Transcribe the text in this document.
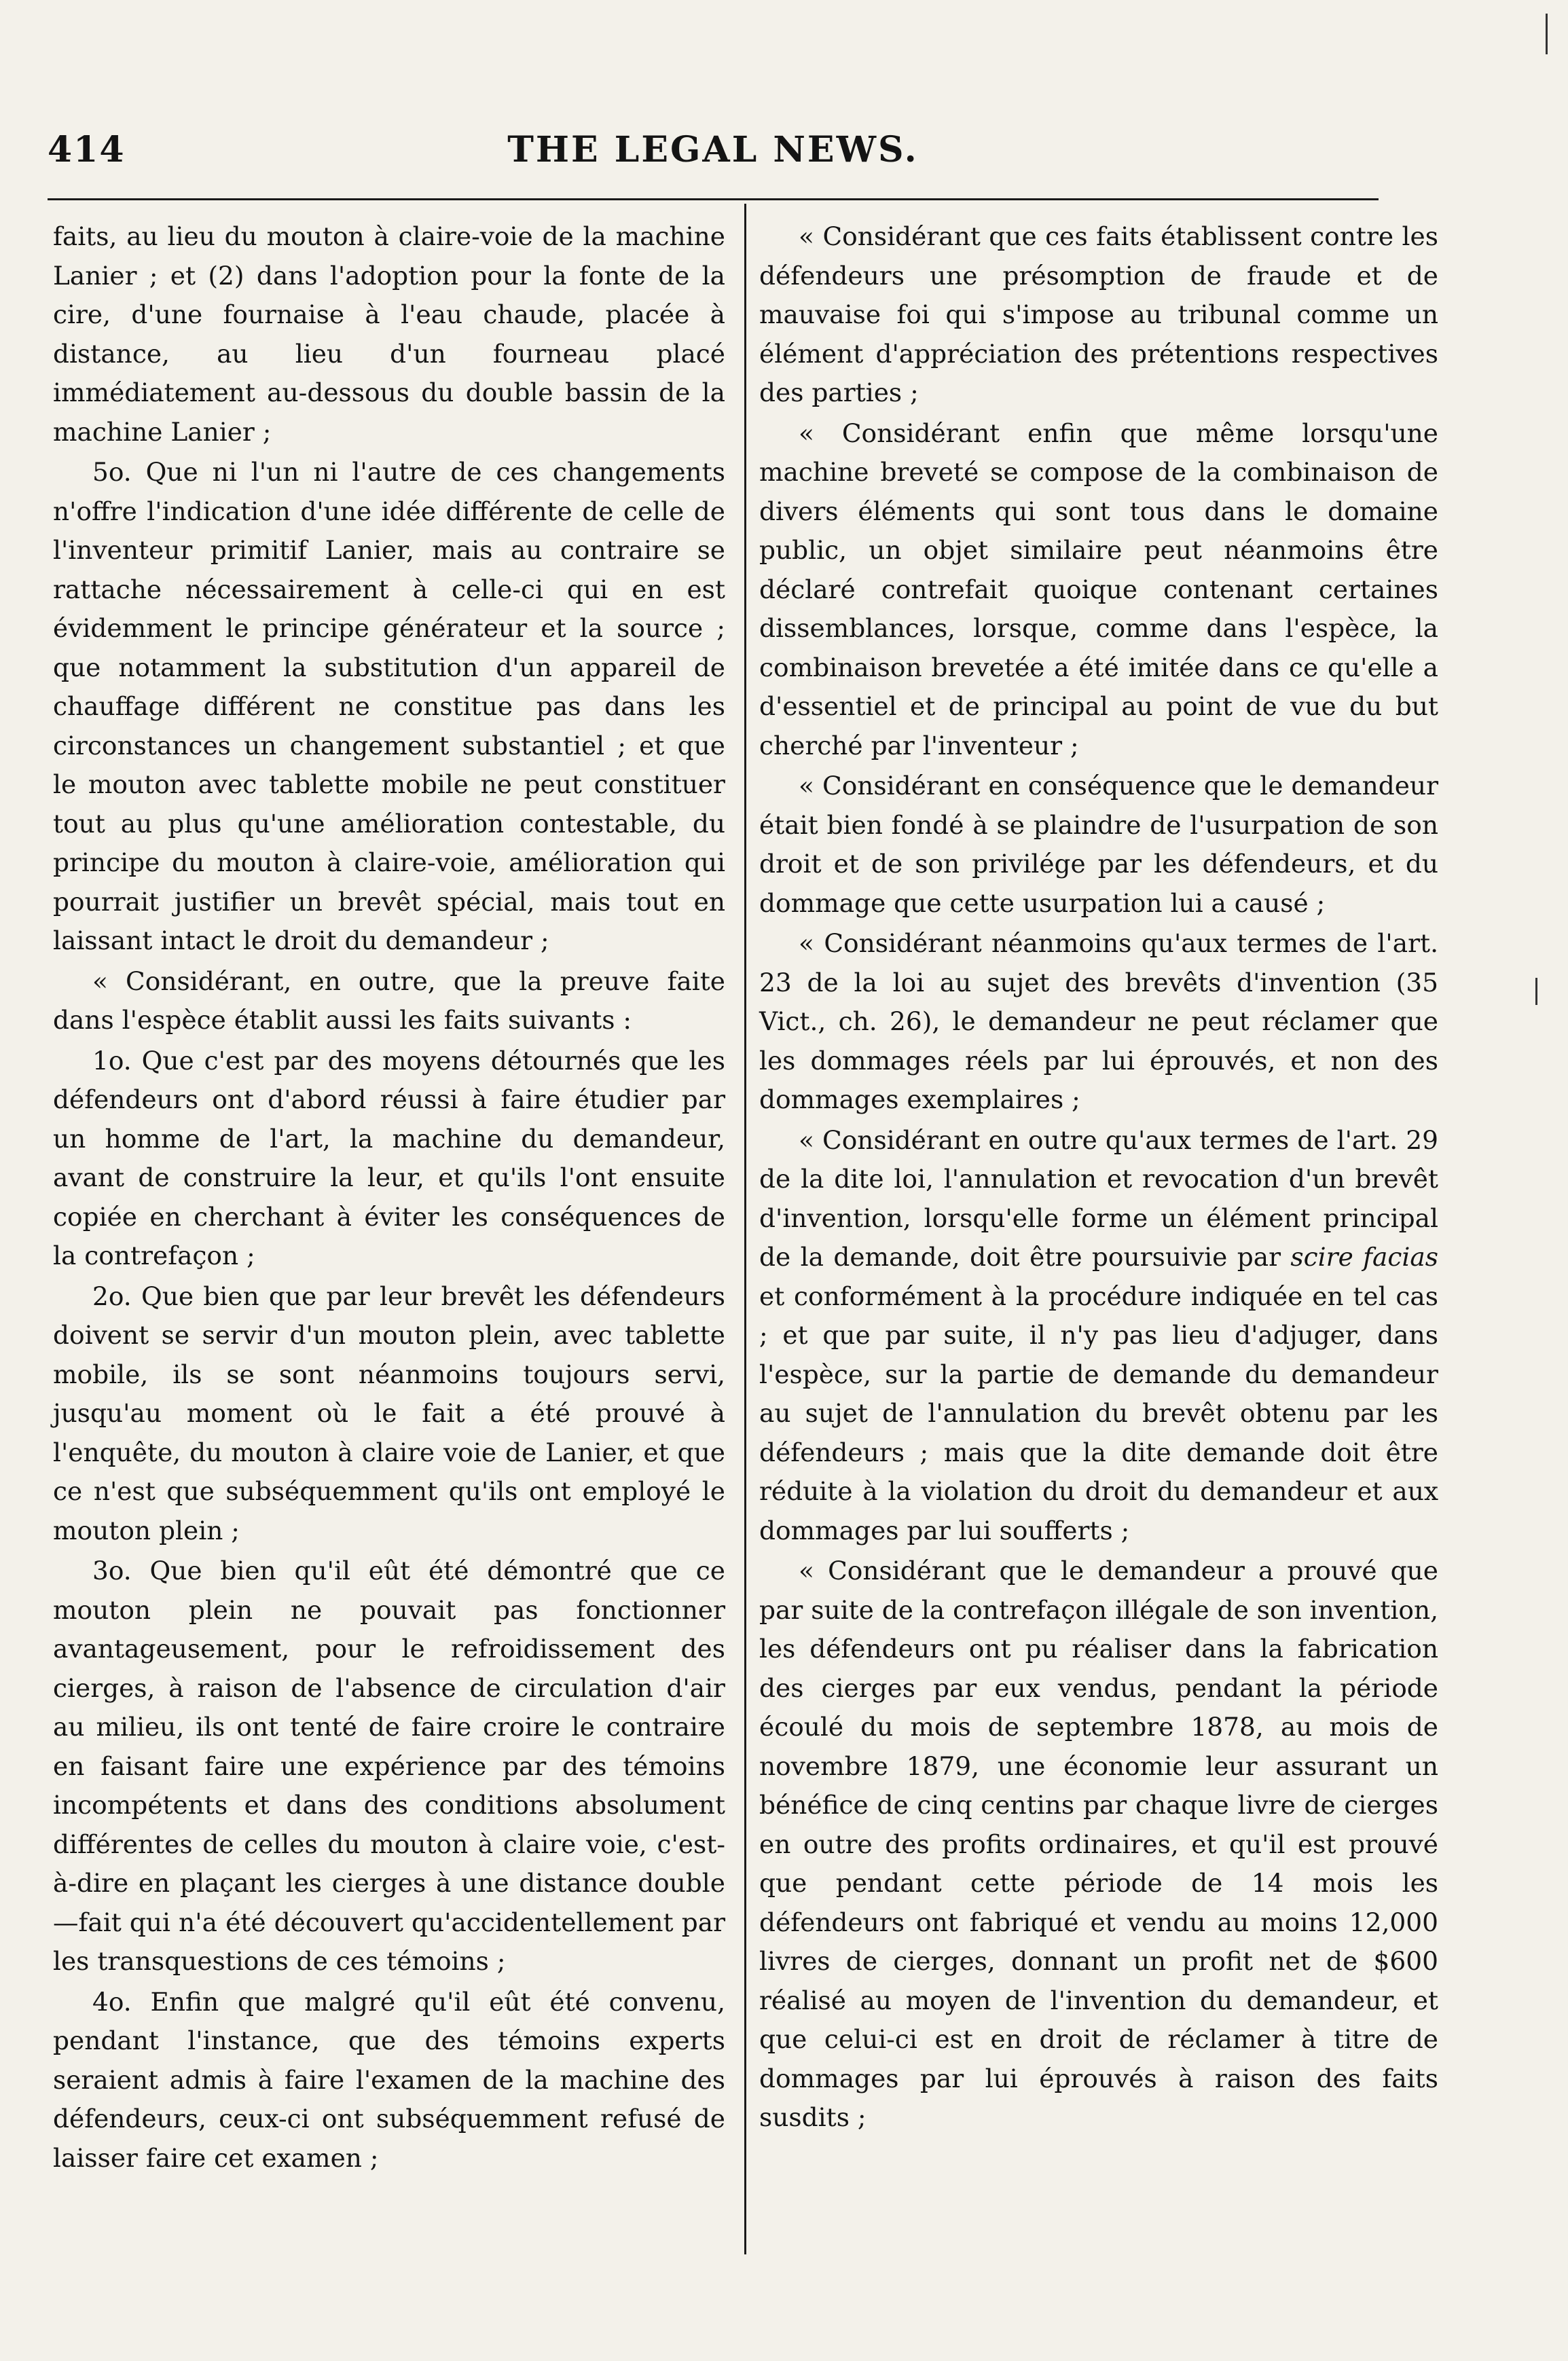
414	THE LEGAL NEWS.

faits, au lieu du mouton à claire-voie de la machine Lanier ; et (2) dans l'adoption pour la fonte de la cire, d'une fournaise à l'eau chaude, placée à distance, au lieu d'un fourneau placé immédiatement au-dessous du double bassin de la machine Lanier ;

5o. Que ni l'un ni l'autre de ces changements n'offre l'indication d'une idée différente de celle de l'inventeur primitif Lanier, mais au contraire se rattache nécessairement à celle-ci qui en est évidemment le principe générateur et la source ; que notamment la substitution d'un appareil de chauffage différent ne constitue pas dans les circonstances un changement substantiel ; et que le mouton avec tablette mobile ne peut constituer tout au plus qu'une amélioration contestable, du principe du mouton à claire-voie, amélioration qui pourrait justifier un brevêt spécial, mais tout en laissant intact le droit du demandeur ;

« Considérant, en outre, que la preuve faite dans l'espèce établit aussi les faits suivants :

1o. Que c'est par des moyens détournés que les défendeurs ont d'abord réussi à faire étudier par un homme de l'art, la machine du demandeur, avant de construire la leur, et qu'ils l'ont ensuite copiée en cherchant à éviter les conséquences de la contrefaçon ;

2o. Que bien que par leur brevêt les défendeurs doivent se servir d'un mouton plein, avec tablette mobile, ils se sont néanmoins toujours servi, jusqu'au moment où le fait a été prouvé à l'enquête, du mouton à claire voie de Lanier, et que ce n'est que subséquemment qu'ils ont employé le mouton plein ;

3o. Que bien qu'il eût été démontré que ce mouton plein ne pouvait pas fonctionner avantageusement, pour le refroidissement des cierges, à raison de l'absence de circulation d'air au milieu, ils ont tenté de faire croire le contraire en faisant faire une expérience par des témoins incompétents et dans des conditions absolument différentes de celles du mouton à claire voie, c'est-à-dire en plaçant les cierges à une distance double—fait qui n'a été découvert qu'accidentellement par les transquestions de ces témoins ;

4o. Enfin que malgré qu'il eût été convenu, pendant l'instance, que des témoins experts seraient admis à faire l'examen de la machine des défendeurs, ceux-ci ont subséquemment refusé de laisser faire cet examen ;

« Considérant que ces faits établissent contre les défendeurs une présomption de fraude et de mauvaise foi qui s'impose au tribunal comme un élément d'appréciation des prétentions respectives des parties ;

« Considérant enfin que même lorsqu'une machine breveté se compose de la combinaison de divers éléments qui sont tous dans le domaine public, un objet similaire peut néanmoins être déclaré contrefait quoique contenant certaines dissemblances, lorsque, comme dans l'espèce, la combinaison brevetée a été imitée dans ce qu'elle a d'essentiel et de principal au point de vue du but cherché par l'inventeur ;

« Considérant en conséquence que le demandeur était bien fondé à se plaindre de l'usurpation de son droit et de son privilége par les défendeurs, et du dommage que cette usurpation lui a causé ;

« Considérant néanmoins qu'aux termes de l'art. 23 de la loi au sujet des brevêts d'invention (35 Vict., ch. 26), le demandeur ne peut réclamer que les dommages réels par lui éprouvés, et non des dommages exemplaires ;

« Considérant en outre qu'aux termes de l'art. 29 de la dite loi, l'annulation et revocation d'un brevêt d'invention, lorsqu'elle forme un élément principal de la demande, doit être poursuivie par scire facias et conformément à la procédure indiquée en tel cas ; et que par suite, il n'y pas lieu d'adjuger, dans l'espèce, sur la partie de demande du demandeur au sujet de l'annulation du brevêt obtenu par les défendeurs ; mais que la dite demande doit être réduite à la violation du droit du demandeur et aux dommages par lui soufferts ;

« Considérant que le demandeur a prouvé que par suite de la contrefaçon illégale de son invention, les défendeurs ont pu réaliser dans la fabrication des cierges par eux vendus, pendant la période écoulé du mois de septembre 1878, au mois de novembre 1879, une économie leur assurant un bénéfice de cinq centins par chaque livre de cierges en outre des profits ordinaires, et qu'il est prouvé que pendant cette période de 14 mois les défendeurs ont fabriqué et vendu au moins 12,000 livres de cierges, donnant un profit net de $600 réalisé au moyen de l'invention du demandeur, et que celui-ci est en droit de réclamer à titre de dommages par lui éprouvés à raison des faits susdits ;
